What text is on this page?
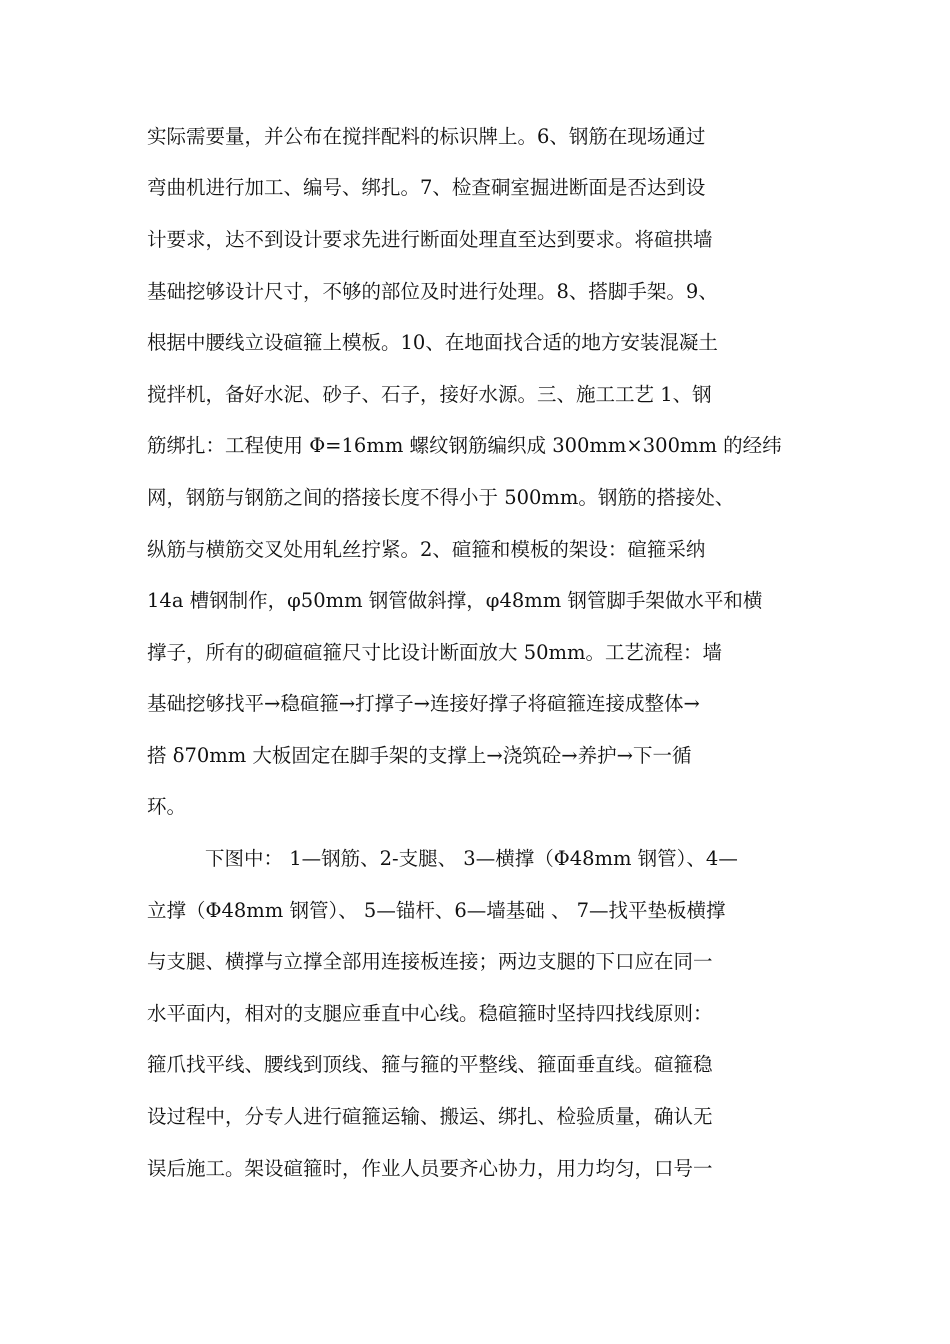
实际需要量，并公布在搅拌配料的标识牌上。6、钢筋在现场通过
弯曲机进行加工、编号、绑扎。7、检查硐室掘进断面是否达到设
计要求，达不到设计要求先进行断面处理直至达到要求。将碹拱墙
基础挖够设计尺寸，不够的部位及时进行处理。8、搭脚手架。9、
根据中腰线立设碹箍上模板。10、在地面找合适的地方安装混凝土
搅拌机，备好水泥、砂子、石子，接好水源。三、施工工艺 1、钢
筋绑扎：工程使用 Φ=16mm 螺纹钢筋编织成 300mm×300mm 的经纬
网，钢筋与钢筋之间的搭接长度不得小于 500mm。钢筋的搭接处、
纵筋与横筋交叉处用轧丝拧紧。2、碹箍和模板的架设：碹箍采纳
14a 槽钢制作，φ50mm 钢管做斜撑，φ48mm 钢管脚手架做水平和横
撑子，所有的砌碹碹箍尺寸比设计断面放大 50mm。工艺流程：墙
基础挖够找平→稳碹箍→打撑子→连接好撑子将碹箍连接成整体→
搭 δ70mm 大板固定在脚手架的支撑上→浇筑砼→养护→下一循
环。
下图中： 1—钢筋、2-支腿、 3—横撑（Φ48mm 钢管）、4—
立撑（Φ48mm 钢管）、 5—锚杆、6—墙基础 、 7—找平垫板横撑
与支腿、横撑与立撑全部用连接板连接；两边支腿的下口应在同一
水平面内，相对的支腿应垂直中心线。稳碹箍时坚持四找线原则：
箍爪找平线、腰线到顶线、箍与箍的平整线、箍面垂直线。碹箍稳
设过程中，分专人进行碹箍运输、搬运、绑扎、检验质量，确认无
误后施工。架设碹箍时，作业人员要齐心协力，用力均匀，口号一
